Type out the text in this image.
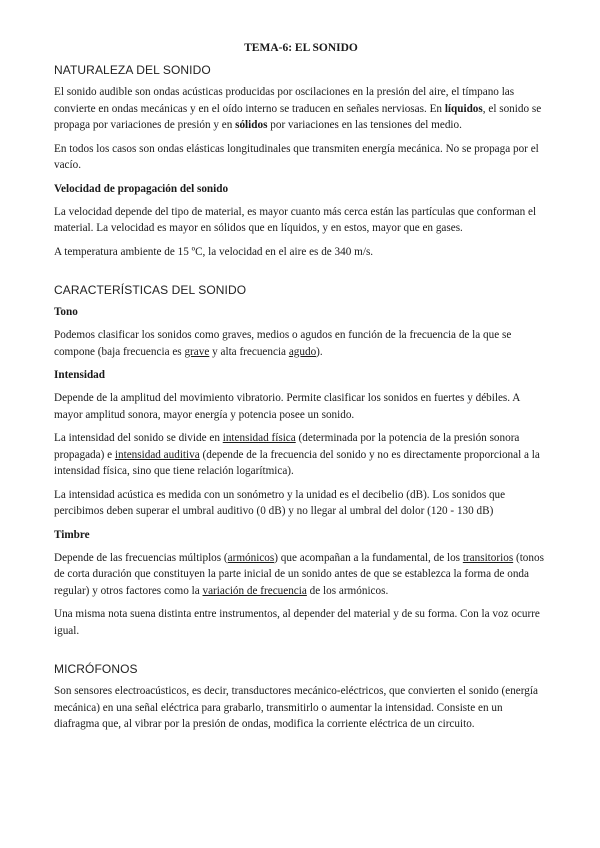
TEMA-6: EL SONIDO
NATURALEZA DEL SONIDO

El sonido audible son ondas acústicas producidas por oscilaciones en la presión del aire, el tímpano las convierte en ondas mecánicas y en el oído interno se traducen en señales nerviosas. En líquidos, el sonido se propaga por variaciones de presión y en sólidos por variaciones en las tensiones del medio.

En todos los casos son ondas elásticas longitudinales que transmiten energía mecánica. No se propaga por el vacío.

Velocidad de propagación del sonido

La velocidad depende del tipo de material, es mayor cuanto más cerca están las partículas que conforman el material. La velocidad es mayor en sólidos que en líquidos, y en estos, mayor que en gases.

A temperatura ambiente de 15 ºC, la velocidad en el aire es de 340 m/s.

CARACTERÍSTICAS DEL SONIDO
Tono

Podemos clasificar los sonidos como graves, medios o agudos en función de la frecuencia de la que se compone (baja frecuencia es grave y alta frecuencia agudo).

Intensidad

Depende de la amplitud del movimiento vibratorio. Permite clasificar los sonidos en fuertes y débiles. A mayor amplitud sonora, mayor energía y potencia posee un sonido.

La intensidad del sonido se divide en intensidad física (determinada por la potencia de la presión sonora propagada) e intensidad auditiva (depende de la frecuencia del sonido y no es directamente proporcional a la intensidad física, sino que tiene relación logarítmica).

La intensidad acústica es medida con un sonómetro y la unidad es el decibelio (dB). Los sonidos que percibimos deben superar el umbral auditivo (0 dB) y no llegar al umbral del dolor (120 - 130 dB)

Timbre

Depende de las frecuencias múltiplos (armónicos) que acompañan a la fundamental, de los transitorios (tonos de corta duración que constituyen la parte inicial de un sonido antes de que se establezca la forma de onda regular) y otros factores como la variación de frecuencia de los armónicos.

Una misma nota suena distinta entre instrumentos, al depender del material y de su forma. Con la voz ocurre igual.

MICRÓFONOS

Son sensores electroacústicos, es decir, transductores mecánico-eléctricos, que convierten el sonido (energía mecánica) en una señal eléctrica para grabarlo, transmitirlo o aumentar la intensidad. Consiste en un diafragma que, al vibrar por la presión de ondas, modifica la corriente eléctrica de un circuito.
